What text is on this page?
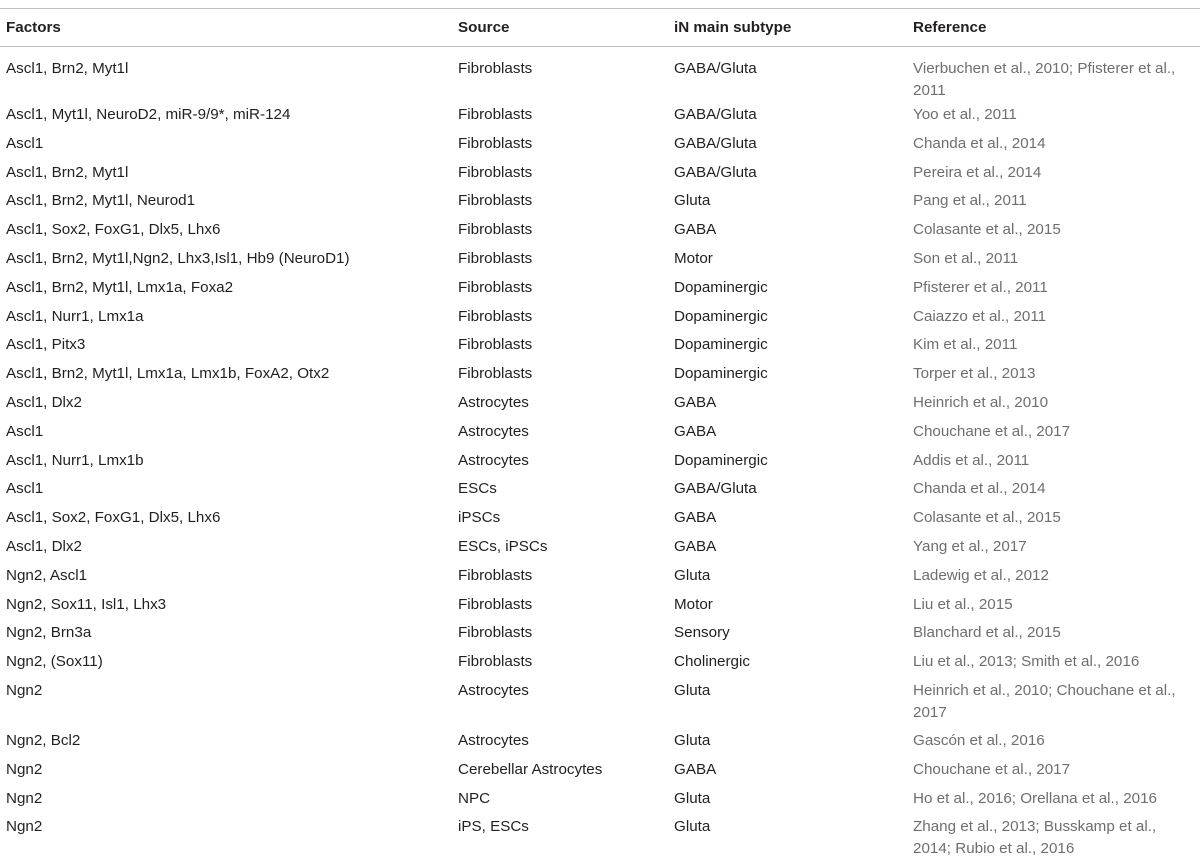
Factors	Source	iN main subtype	Reference
Ascl1, Brn2, Myt1l	Fibroblasts	GABA/Gluta	Vierbuchen et al., 2010; Pfisterer et al., 2011
Ascl1, Myt1l, NeuroD2, miR-9/9*, miR-124	Fibroblasts	GABA/Gluta	Yoo et al., 2011
Ascl1	Fibroblasts	GABA/Gluta	Chanda et al., 2014
Ascl1, Brn2, Myt1l	Fibroblasts	GABA/Gluta	Pereira et al., 2014
Ascl1, Brn2, Myt1l, Neurod1	Fibroblasts	Gluta	Pang et al., 2011
Ascl1, Sox2, FoxG1, Dlx5, Lhx6	Fibroblasts	GABA	Colasante et al., 2015
Ascl1, Brn2, Myt1l,Ngn2, Lhx3,Isl1, Hb9 (NeuroD1)	Fibroblasts	Motor	Son et al., 2011
Ascl1, Brn2, Myt1l, Lmx1a, Foxa2	Fibroblasts	Dopaminergic	Pfisterer et al., 2011
Ascl1, Nurr1, Lmx1a	Fibroblasts	Dopaminergic	Caiazzo et al., 2011
Ascl1, Pitx3	Fibroblasts	Dopaminergic	Kim et al., 2011
Ascl1, Brn2, Myt1l, Lmx1a, Lmx1b, FoxA2, Otx2	Fibroblasts	Dopaminergic	Torper et al., 2013
Ascl1, Dlx2	Astrocytes	GABA	Heinrich et al., 2010
Ascl1	Astrocytes	GABA	Chouchane et al., 2017
Ascl1, Nurr1, Lmx1b	Astrocytes	Dopaminergic	Addis et al., 2011
Ascl1	ESCs	GABA/Gluta	Chanda et al., 2014
Ascl1, Sox2, FoxG1, Dlx5, Lhx6	iPSCs	GABA	Colasante et al., 2015
Ascl1, Dlx2	ESCs, iPSCs	GABA	Yang et al., 2017
Ngn2, Ascl1	Fibroblasts	Gluta	Ladewig et al., 2012
Ngn2, Sox11, Isl1, Lhx3	Fibroblasts	Motor	Liu et al., 2015
Ngn2, Brn3a	Fibroblasts	Sensory	Blanchard et al., 2015
Ngn2, (Sox11)	Fibroblasts	Cholinergic	Liu et al., 2013; Smith et al., 2016
Ngn2	Astrocytes	Gluta	Heinrich et al., 2010; Chouchane et al., 2017
Ngn2, Bcl2	Astrocytes	Gluta	Gascón et al., 2016
Ngn2	Cerebellar Astrocytes	GABA	Chouchane et al., 2017
Ngn2	NPC	Gluta	Ho et al., 2016; Orellana et al., 2016
Ngn2	iPS, ESCs	Gluta	Zhang et al., 2013; Busskamp et al., 2014; Rubio et al., 2016
